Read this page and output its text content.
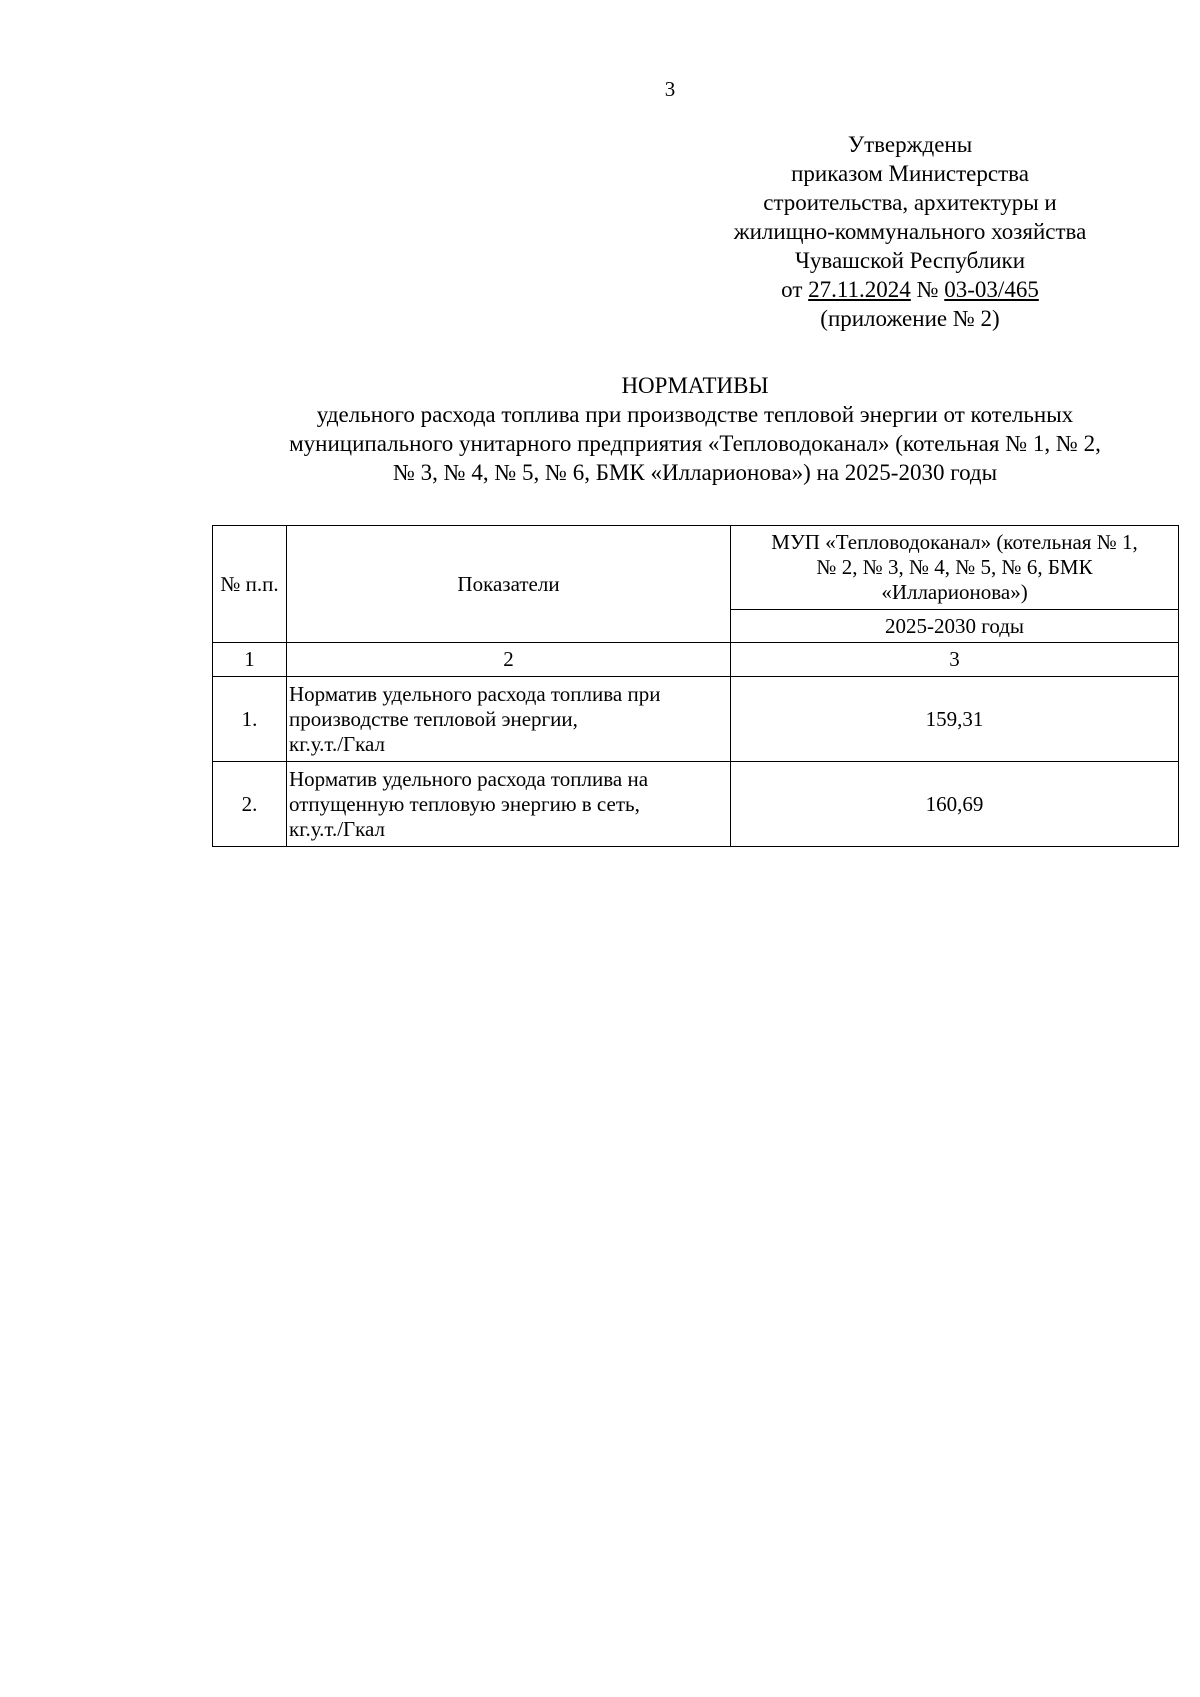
3
Утверждены
приказом Министерства
строительства, архитектуры и
жилищно-коммунального хозяйства
Чувашской Республики
от 27.11.2024 № 03-03/465
(приложение № 2)
НОРМАТИВЫ
удельного расхода топлива при производстве тепловой энергии от котельных
муниципального унитарного предприятия «Тепловодоканал» (котельная № 1, № 2,
№ 3, № 4, № 5, № 6, БМК «Илларионова») на 2025-2030 годы
№ п.п.	Показатели	МУП «Тепловодоканал» (котельная № 1,
№ 2, № 3, № 4, № 5, № 6, БМК
«Илларионова»)

		2025-2030 годы
1	2	3
1.	Норматив удельного расхода топлива при
производстве тепловой энергии,
кг.у.т./Гкал	159,31
2.	Норматив удельного расхода топлива на
отпущенную тепловую энергию в сеть,
кг.у.т./Гкал	160,69
